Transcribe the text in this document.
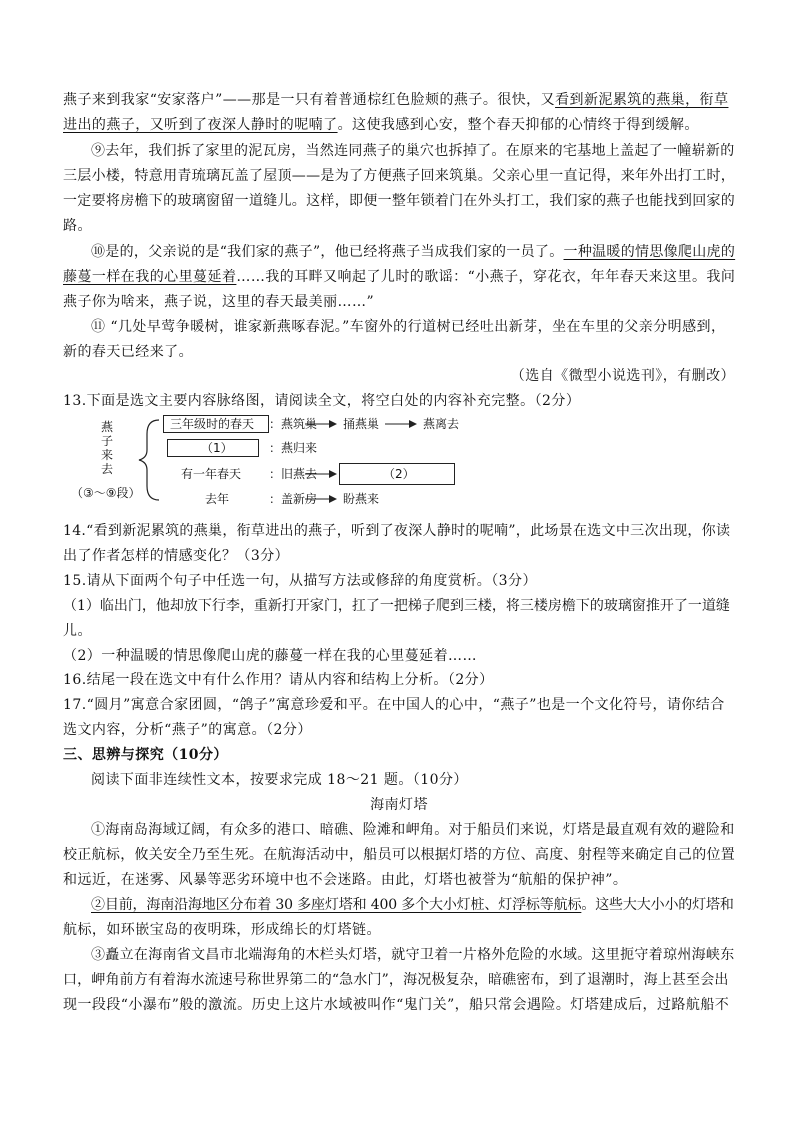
燕子来到我家“安家落户”——那是一只有着普通棕红色脸颊的燕子。很快，又看到新泥累筑的燕巢，衔草
进出的燕子，又听到了夜深人静时的呢喃了。这使我感到心安，整个春天抑郁的心情终于得到缓解。
⑨去年，我们拆了家里的泥瓦房，当然连同燕子的巢穴也拆掉了。在原来的宅基地上盖起了一幢崭新的
三层小楼，特意用青琉璃瓦盖了屋顶——是为了方便燕子回来筑巢。父亲心里一直记得，来年外出打工时，
一定要将房檐下的玻璃窗留一道缝儿。这样，即便一整年锁着门在外头打工，我们家的燕子也能找到回家的
路。
⑩是的，父亲说的是“我们家的燕子”，他已经将燕子当成我们家的一员了。一种温暖的情思像爬山虎的
藤蔓一样在我的心里蔓延着……我的耳畔又响起了儿时的歌谣：“小燕子，穿花衣，年年春天来这里。我问
燕子你为啥来，燕子说，这里的春天最美丽……”
⑪ “几处早莺争暖树，谁家新燕啄春泥。”车窗外的行道树已经吐出新芽，坐在车里的父亲分明感到，
新的春天已经来了。
（选自《微型小说选刊》，有删改）
13.下面是选文主要内容脉络图，请阅读全文，将空白处的内容补充完整。（2分）
燕
子
来
去
（③～⑨段）
三年级时的春天 ： 燕筑巢 捅燕巢	燕离去
（1）	： 燕归来
有一年春天 ： 旧燕去	（2）
去年	： 盖新房 盼燕来
14.“看到新泥累筑的燕巢，衔草进出的燕子，听到了夜深人静时的呢喃”，此场景在选文中三次出现，你读
出了作者怎样的情感变化？（3分）
15.请从下面两个句子中任选一句，从描写方法或修辞的角度赏析。（3分）
（1）临出门，他却放下行李，重新打开家门，扛了一把梯子爬到三楼，将三楼房檐下的玻璃窗推开了一道缝
儿。
（2）一种温暖的情思像爬山虎的藤蔓一样在我的心里蔓延着……
16.结尾一段在选文中有什么作用？请从内容和结构上分析。（2分）
17.“圆月”寓意合家团圆，“鸽子”寓意珍爱和平。在中国人的心中，“燕子”也是一个文化符号，请你结合
选文内容，分析“燕子”的寓意。（2分）
三、思辨与探究（10分）
阅读下面非连续性文本，按要求完成 18～21 题。（10分）
海南灯塔
①海南岛海域辽阔，有众多的港口、暗礁、险滩和岬角。对于船员们来说，灯塔是最直观有效的避险和
校正航标，攸关安全乃至生死。在航海活动中，船员可以根据灯塔的方位、高度、射程等来确定自己的位置
和远近，在迷雾、风暴等恶劣环境中也不会迷路。由此，灯塔也被誉为“航船的保护神”。
②目前，海南沿海地区分布着 30 多座灯塔和 400 多个大小灯桩、灯浮标等航标。这些大大小小的灯塔和
航标，如环嵌宝岛的夜明珠，形成绵长的灯塔链。
③矗立在海南省文昌市北端海角的木栏头灯塔，就守卫着一片格外危险的水域。这里扼守着琼州海峡东
口，岬角前方有着海水流速号称世界第二的“急水门”，海况极复杂，暗礁密布，到了退潮时，海上甚至会出
现一段段“小瀑布”般的激流。历史上这片水域被叫作“鬼门关”，船只常会遇险。灯塔建成后，过路航船不
